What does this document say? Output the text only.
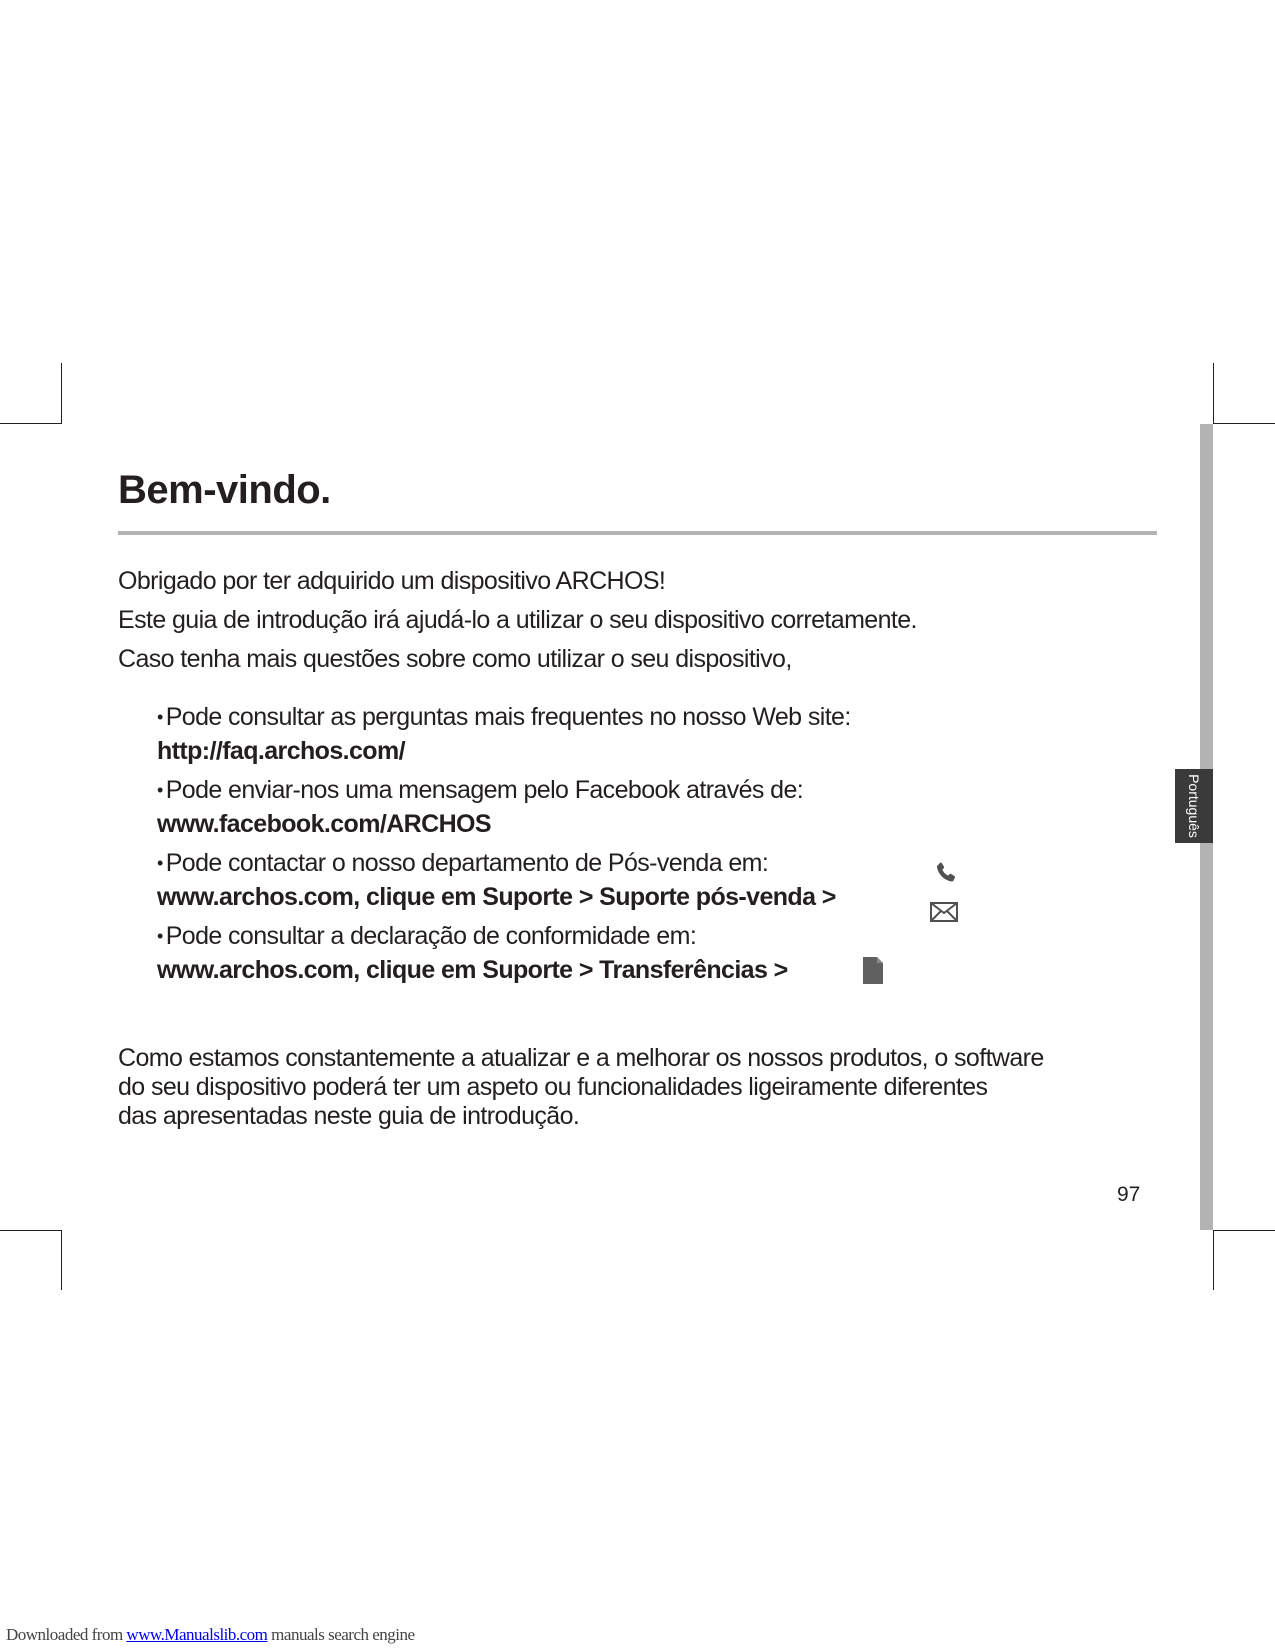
Português
Bem-vindo.

Obrigado por ter adquirido um dispositivo ARCHOS!

Este guia de introdução irá ajudá-lo a utilizar o seu dispositivo corretamente.

Caso tenha mais questões sobre como utilizar o seu dispositivo,

• Pode consultar as perguntas mais frequentes no nosso Web site:
http://faq.archos.com/
• Pode enviar-nos uma mensagem pelo Facebook através de:
www.facebook.com/ARCHOS
• Pode contactar o nosso departamento de Pós-venda em:
www.archos.com, clique em Suporte > Suporte pós-venda >
• Pode consultar a declaração de conformidade em:
www.archos.com, clique em Suporte > Transferências >

Como estamos constantemente a atualizar e a melhorar os nossos produtos, o software
do seu dispositivo poderá ter um aspeto ou funcionalidades ligeiramente diferentes
das apresentadas neste guia de introdução.

97
Downloaded from www.Manualslib.com manuals search engine
